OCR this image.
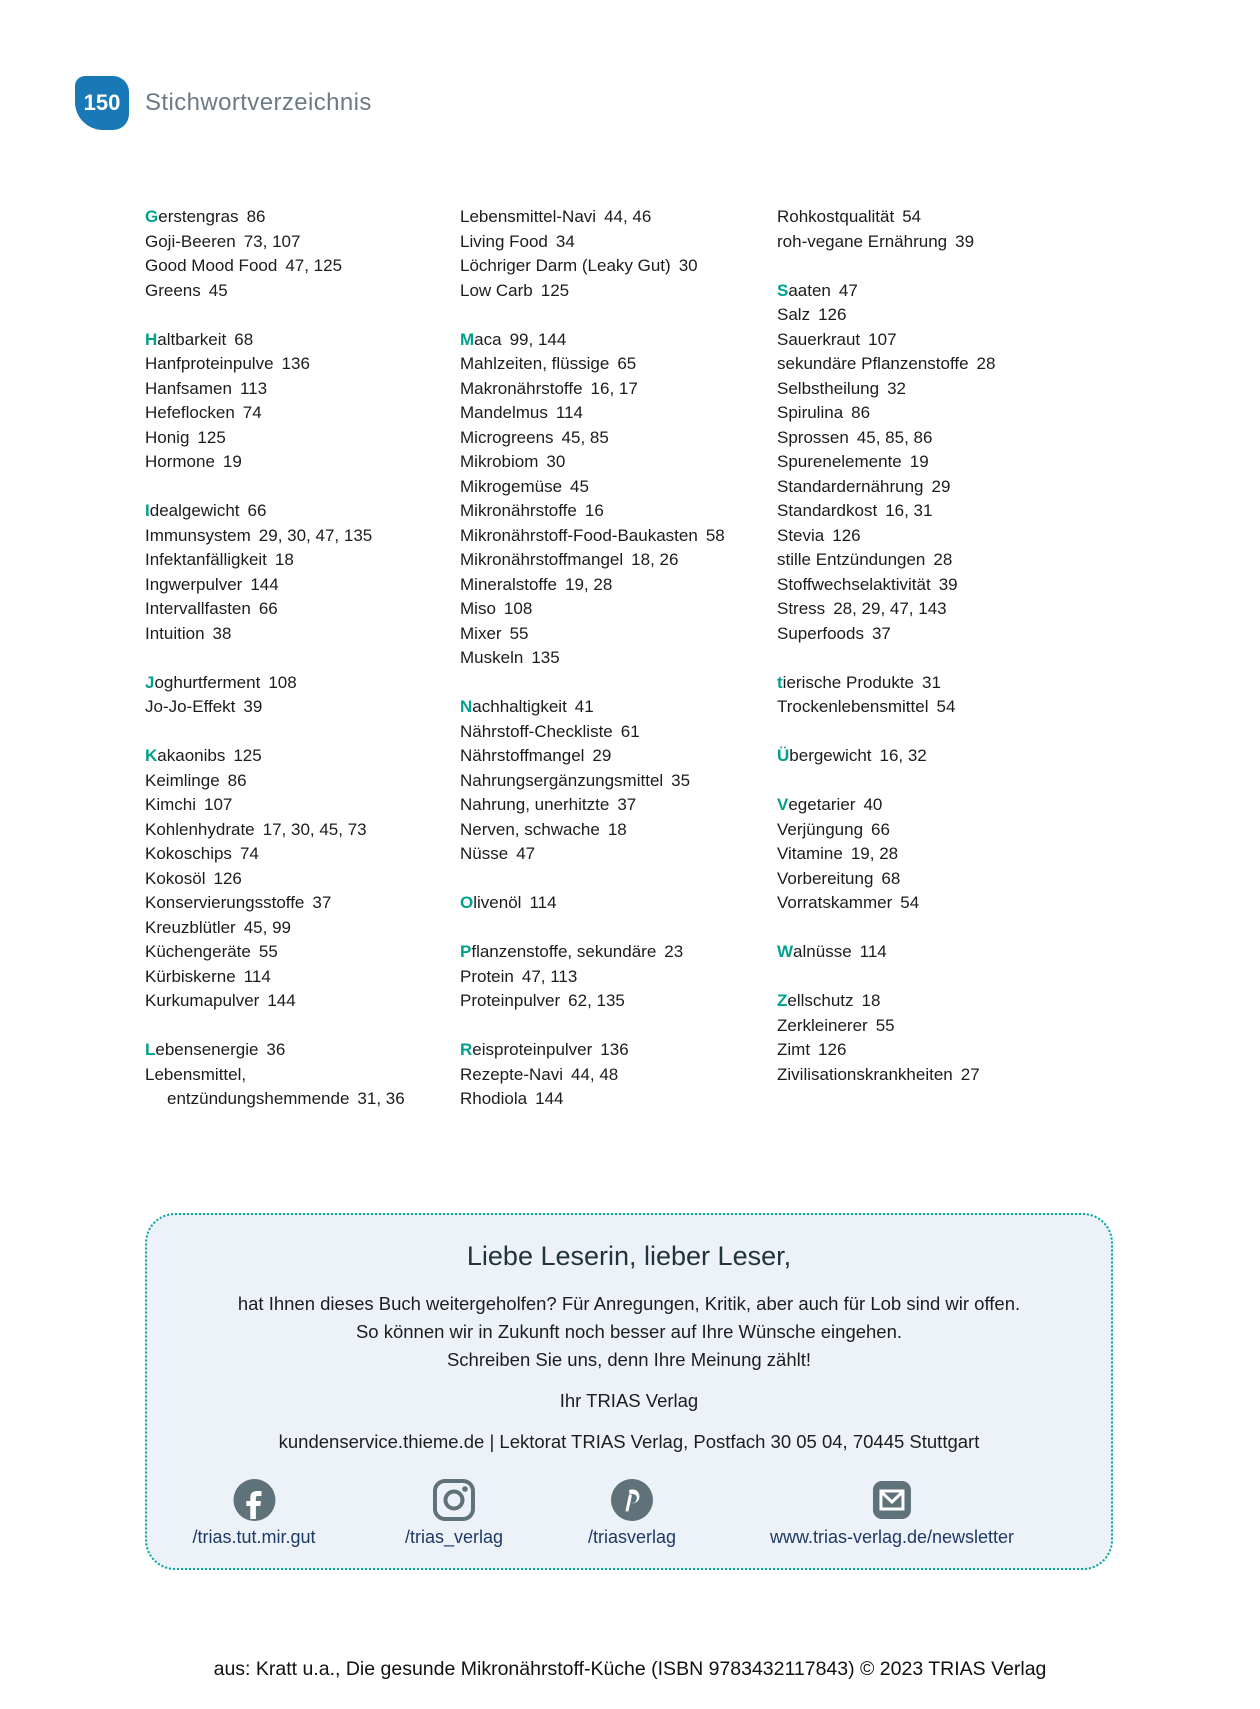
150 Stichwortverzeichnis
Gerstengras 86
Goji-Beeren 73, 107
Good Mood Food 47, 125
Greens 45
Haltbarkeit 68
Hanfproteinpulve 136
Hanfsamen 113
Hefeflocken 74
Honig 125
Hormone 19
Idealgewicht 66
Immunsystem 29, 30, 47, 135
Infektanfälligkeit 18
Ingwerpulver 144
Intervallfasten 66
Intuition 38
Joghurtferment 108
Jo-Jo-Effekt 39
Kakaonibs 125
Keimlinge 86
Kimchi 107
Kohlenhydrate 17, 30, 45, 73
Kokoschips 74
Kokosöl 126
Konservierungsstoffe 37
Kreuzblütler 45, 99
Küchengeräte 55
Kürbiskerne 114
Kurkumapulver 144
Lebensenergie 36
Lebensmittel,
entzündungshemmende 31, 36
Lebensmittel-Navi 44, 46
Living Food 34
Löchriger Darm (Leaky Gut) 30
Low Carb 125
Maca 99, 144
Mahlzeiten, flüssige 65
Makronährstoffe 16, 17
Mandelmus 114
Microgreens 45, 85
Mikrobiom 30
Mikrogemüse 45
Mikronährstoffe 16
Mikronährstoff-Food-Baukasten 58
Mikronährstoffmangel 18, 26
Mineralstoffe 19, 28
Miso 108
Mixer 55
Muskeln 135
Nachhaltigkeit 41
Nährstoff-Checkliste 61
Nährstoffmangel 29
Nahrungsergänzungsmittel 35
Nahrung, unerhitzte 37
Nerven, schwache 18
Nüsse 47
Olivenöl 114
Pflanzenstoffe, sekundäre 23
Protein 47, 113
Proteinpulver 62, 135
Reisproteinpulver 136
Rezepte-Navi 44, 48
Rhodiola 144
Rohkostqualität 54
roh-vegane Ernährung 39
Saaten 47
Salz 126
Sauerkraut 107
sekundäre Pflanzenstoffe 28
Selbstheilung 32
Spirulina 86
Sprossen 45, 85, 86
Spurenelemente 19
Standardernährung 29
Standardkost 16, 31
Stevia 126
stille Entzündungen 28
Stoffwechselaktivität 39
Stress 28, 29, 47, 143
Superfoods 37
tierische Produkte 31
Trockenlebensmittel 54
Übergewicht 16, 32
Vegetarier 40
Verjüngung 66
Vitamine 19, 28
Vorbereitung 68
Vorratskammer 54
Walnüsse 114
Zellschutz 18
Zerkleinerer 55
Zimt 126
Zivilisationskrankheiten 27
Liebe Leserin, lieber Leser,

hat Ihnen dieses Buch weitergeholfen? Für Anregungen, Kritik, aber auch für Lob sind wir offen.

So können wir in Zukunft noch besser auf Ihre Wünsche eingehen.

Schreiben Sie uns, denn Ihre Meinung zählt!

Ihr TRIAS Verlag
kundenservice.thieme.de | Lektorat TRIAS Verlag, Postfach 30 05 04, 70445 Stuttgart
/trias.tut.mir.gut	/trias_verlag	/triasverlag	www.trias-verlag.de/newsletter
aus: Kratt u.a., Die gesunde Mikronährstoff-Küche (ISBN 9783432117843) © 2023 TRIAS Verlag
